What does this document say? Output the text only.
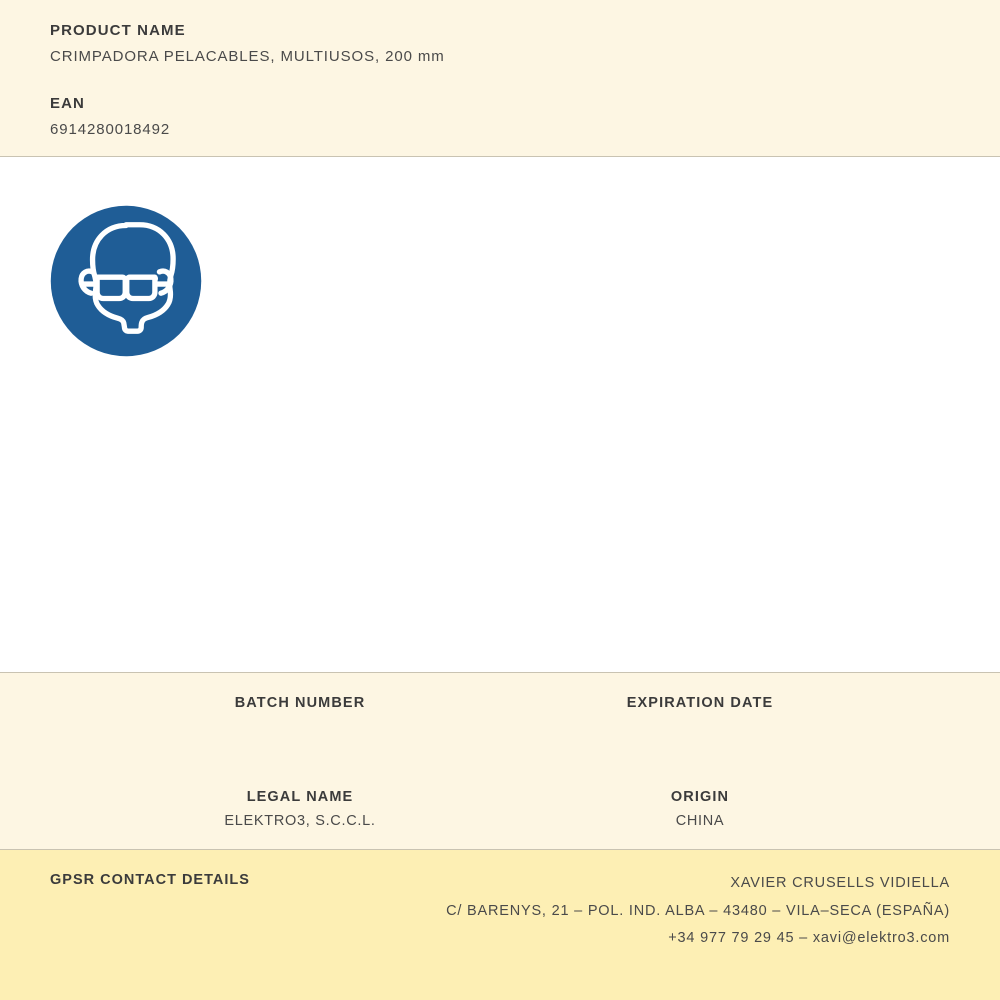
PRODUCT NAME

CRIMPADORA PELACABLES, MULTIUSOS, 200 mm

EAN

6914280018492

BATCH NUMBER	EXPIRATION DATE

LEGAL NAME

ELEKTRO3, S.C.C.L.

ORIGIN

CHINA

GPSR CONTACT DETAILS	XAVIER CRUSELLS VIDIELLA
C/ BARENYS, 21 – POL. IND. ALBA – 43480 – VILA–SECA (ESPAÑA)
+34 977 79 29 45 – xavi@elektro3.com
